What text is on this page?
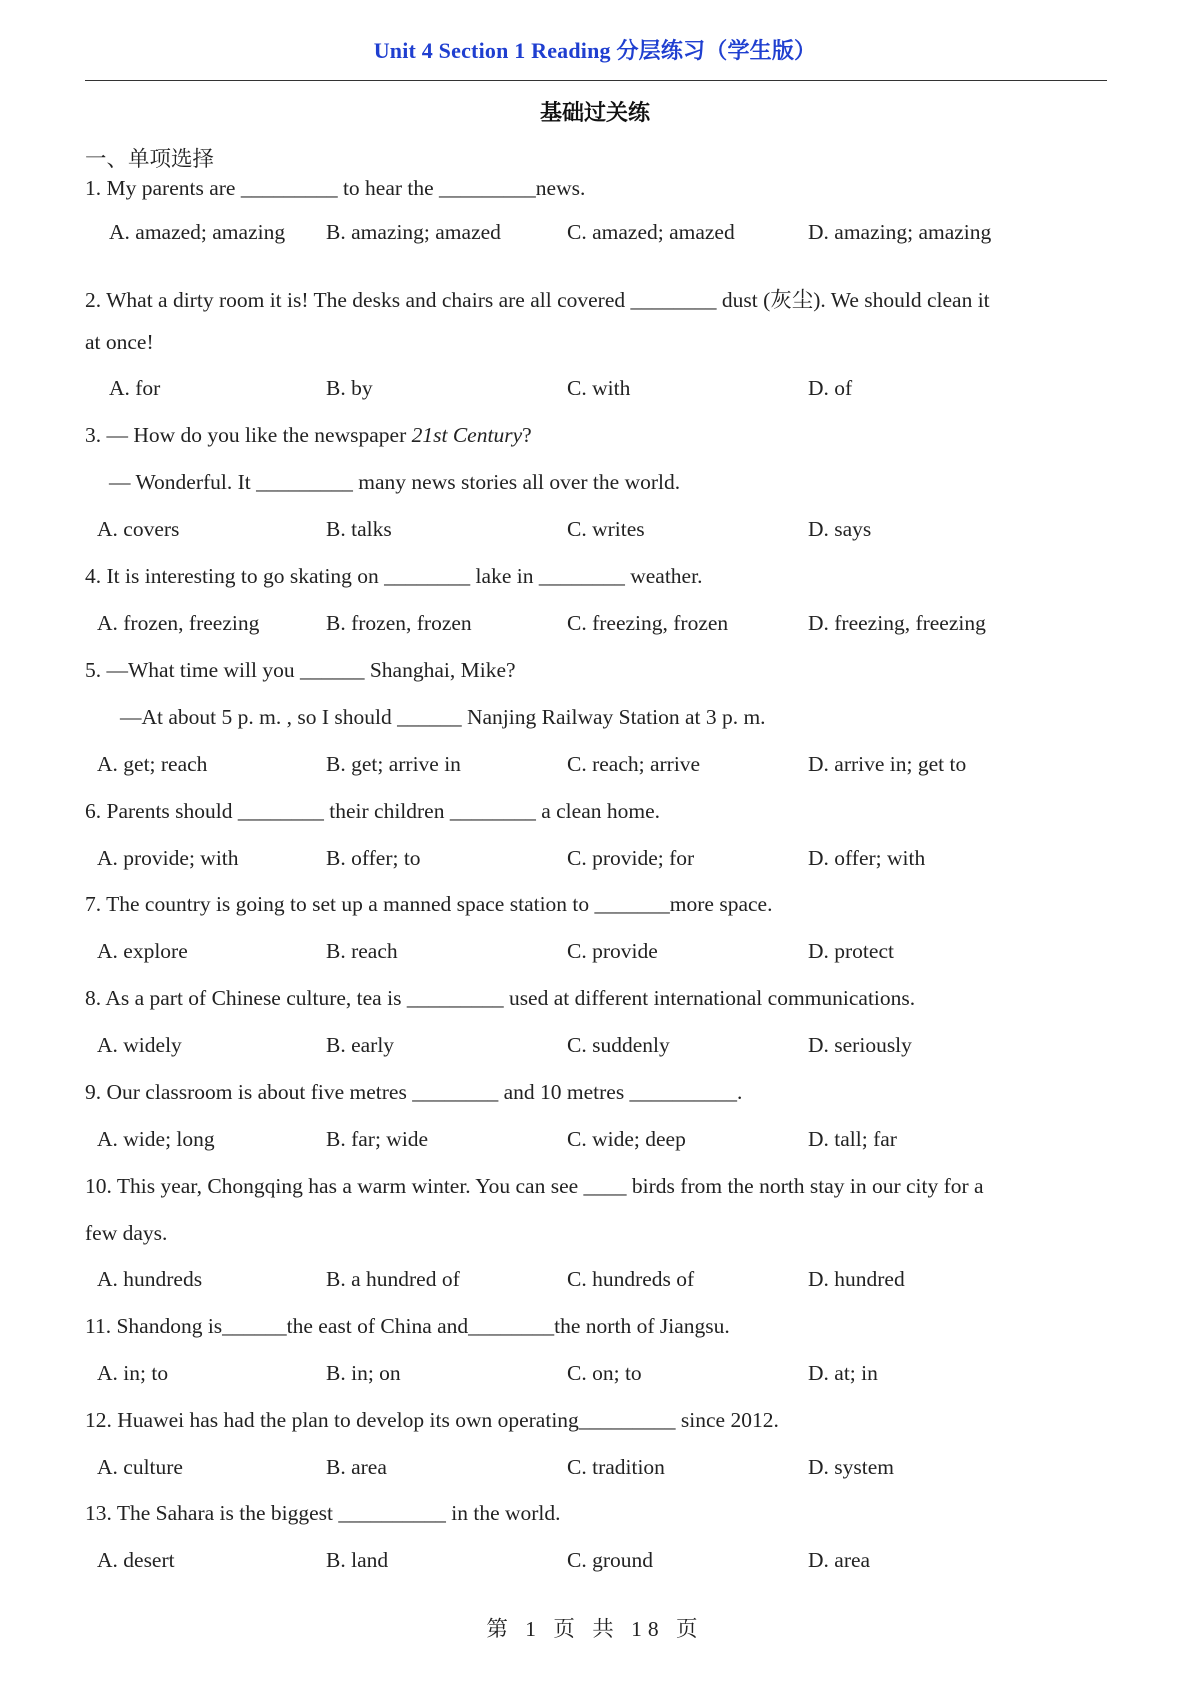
Unit 4 Section 1 Reading 分层练习（学生版）
基础过关练
一、单项选择
1. My parents are _________ to hear the _________news.
A. amazed; amazing B. amazing; amazed	C. amazed; amazed	D. amazing; amazing
2. What a dirty room it is! The desks and chairs are all covered ________ dust (灰尘). We should clean it
at once!
A. for	B. by	C. with	D. of
3. — How do you like the newspaper 21st Century?
— Wonderful. It _________ many news stories all over the world.
A. covers	B. talks	C. writes	D. says
4. It is interesting to go skating on ________ lake in ________ weather.
A. frozen, freezing	B. frozen, frozen	C. freezing, frozen	D. freezing, freezing
5. —What time will you ______ Shanghai, Mike?
—At about 5 p. m. , so I should ______ Nanjing Railway Station at 3 p. m.
A. get; reach	B. get; arrive in	C. reach; arrive	D. arrive in; get to
6. Parents should ________ their children ________ a clean home.
A. provide; with	B. offer; to	C. provide; for	D. offer; with
7. The country is going to set up a manned space station to _______more space.
A. explore	B. reach	C. provide	D. protect
8. As a part of Chinese culture, tea is _________ used at different international communications.
A. widely	B. early	C. suddenly	D. seriously
9. Our classroom is about five metres ________ and 10 metres __________.
A. wide; long	B. far; wide	C. wide; deep	D. tall; far
10. This year, Chongqing has a warm winter. You can see ____ birds from the north stay in our city for a
few days.
A. hundreds	B. a hundred of	C. hundreds of	D. hundred
11. Shandong is______the east of China and________the north of Jiangsu.
A. in; to	B. in; on	C. on; to	D. at; in
12. Huawei has had the plan to develop its own operating_________ since 2012.
A. culture	B. area	C. tradition	D. system
13. The Sahara is the biggest __________ in the world.
A. desert	B. land	C. ground	D. area
第 1 页 共 18 页
